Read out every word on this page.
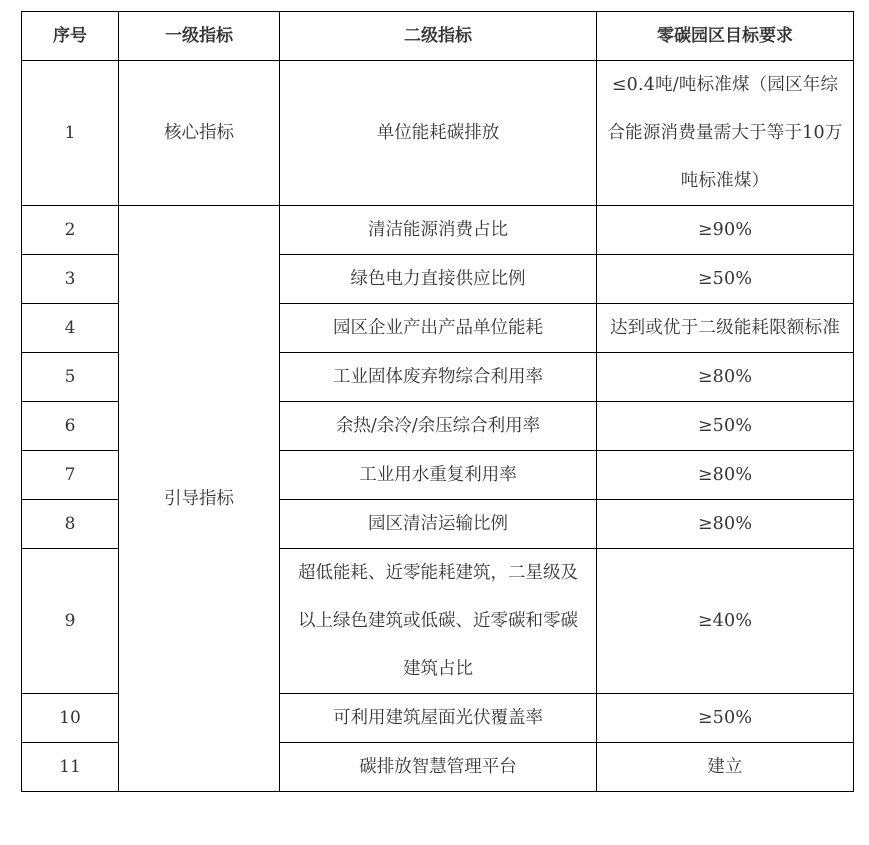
序号	一级指标	二级指标	零碳园区目标要求
1	核心指标	单位能耗碳排放	≤0.4吨/吨标准煤（园区年综合能源消费量需大于等于10万吨标准煤）
2	引导指标	清洁能源消费占比	≥90%
3		绿色电力直接供应比例	≥50%
4		园区企业产出产品单位能耗	达到或优于二级能耗限额标准
5		工业固体废弃物综合利用率	≥80%
6		余热/余冷/余压综合利用率	≥50%
7		工业用水重复利用率	≥80%
8		园区清洁运输比例	≥80%
9		超低能耗、近零能耗建筑，二星级及以上绿色建筑或低碳、近零碳和零碳建筑占比	≥40%
10		可利用建筑屋面光伏覆盖率	≥50%
11		碳排放智慧管理平台	建立
